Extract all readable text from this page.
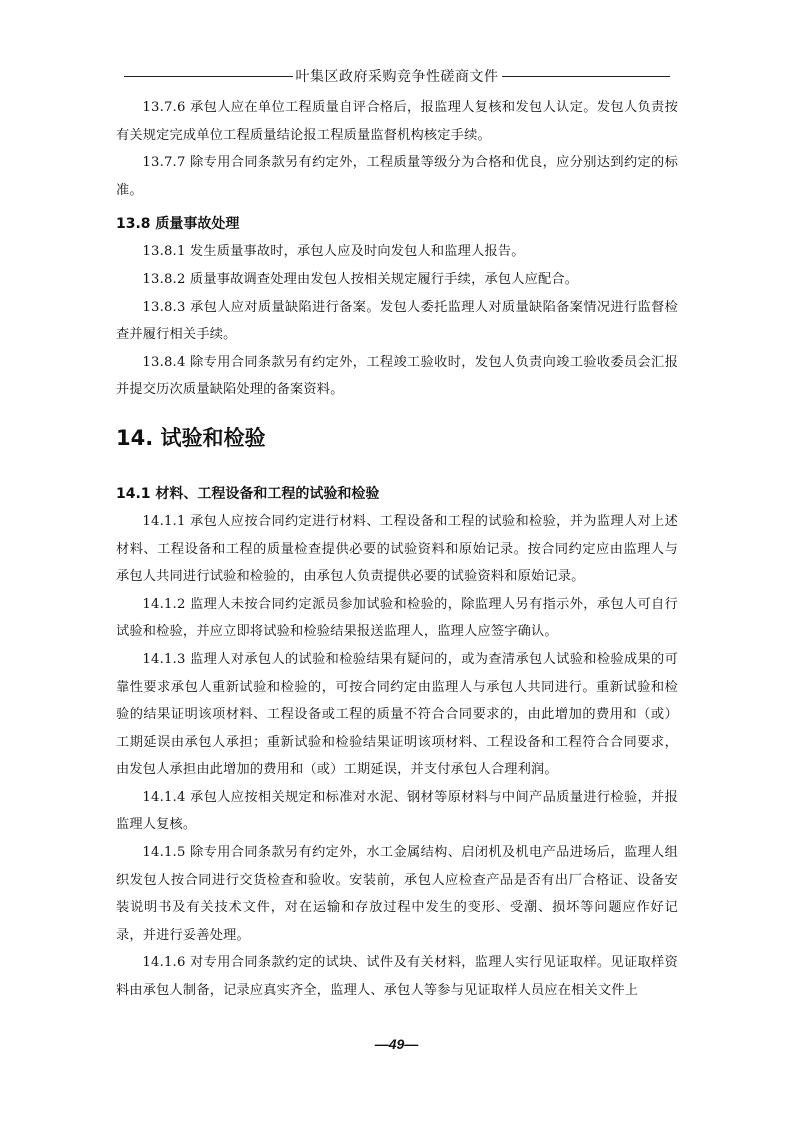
叶集区政府采购竞争性磋商文件

13.7.6 承包人应在单位工程质量自评合格后，报监理人复核和发包人认定。发包人负责按有关规定完成单位工程质量结论报工程质量监督机构核定手续。

13.7.7 除专用合同条款另有约定外，工程质量等级分为合格和优良，应分别达到约定的标准。

13.8 质量事故处理

13.8.1 发生质量事故时，承包人应及时向发包人和监理人报告。

13.8.2 质量事故调查处理由发包人按相关规定履行手续，承包人应配合。

13.8.3 承包人应对质量缺陷进行备案。发包人委托监理人对质量缺陷备案情况进行监督检查并履行相关手续。

13.8.4 除专用合同条款另有约定外，工程竣工验收时，发包人负责向竣工验收委员会汇报并提交历次质量缺陷处理的备案资料。

14. 试验和检验
14.1 材料、工程设备和工程的试验和检验

14.1.1 承包人应按合同约定进行材料、工程设备和工程的试验和检验，并为监理人对上述材料、工程设备和工程的质量检查提供必要的试验资料和原始记录。按合同约定应由监理人与承包人共同进行试验和检验的，由承包人负责提供必要的试验资料和原始记录。

14.1.2 监理人未按合同约定派员参加试验和检验的，除监理人另有指示外，承包人可自行试验和检验，并应立即将试验和检验结果报送监理人，监理人应签字确认。

14.1.3 监理人对承包人的试验和检验结果有疑问的，或为查清承包人试验和检验成果的可靠性要求承包人重新试验和检验的，可按合同约定由监理人与承包人共同进行。重新试验和检验的结果证明该项材料、工程设备或工程的质量不符合合同要求的，由此增加的费用和（或）工期延误由承包人承担；重新试验和检验结果证明该项材料、工程设备和工程符合合同要求，由发包人承担由此增加的费用和（或）工期延误，并支付承包人合理利润。

14.1.4 承包人应按相关规定和标准对水泥、钢材等原材料与中间产品质量进行检验，并报监理人复核。

14.1.5 除专用合同条款另有约定外，水工金属结构、启闭机及机电产品进场后，监理人组织发包人按合同进行交货检查和验收。安装前，承包人应检查产品是否有出厂合格证、设备安装说明书及有关技术文件，对在运输和存放过程中发生的变形、受潮、损坏等问题应作好记录，并进行妥善处理。

14.1.6 对专用合同条款约定的试块、试件及有关材料，监理人实行见证取样。见证取样资料由承包人制备，记录应真实齐全，监理人、承包人等参与见证取样人员应在相关文件上

—49—
